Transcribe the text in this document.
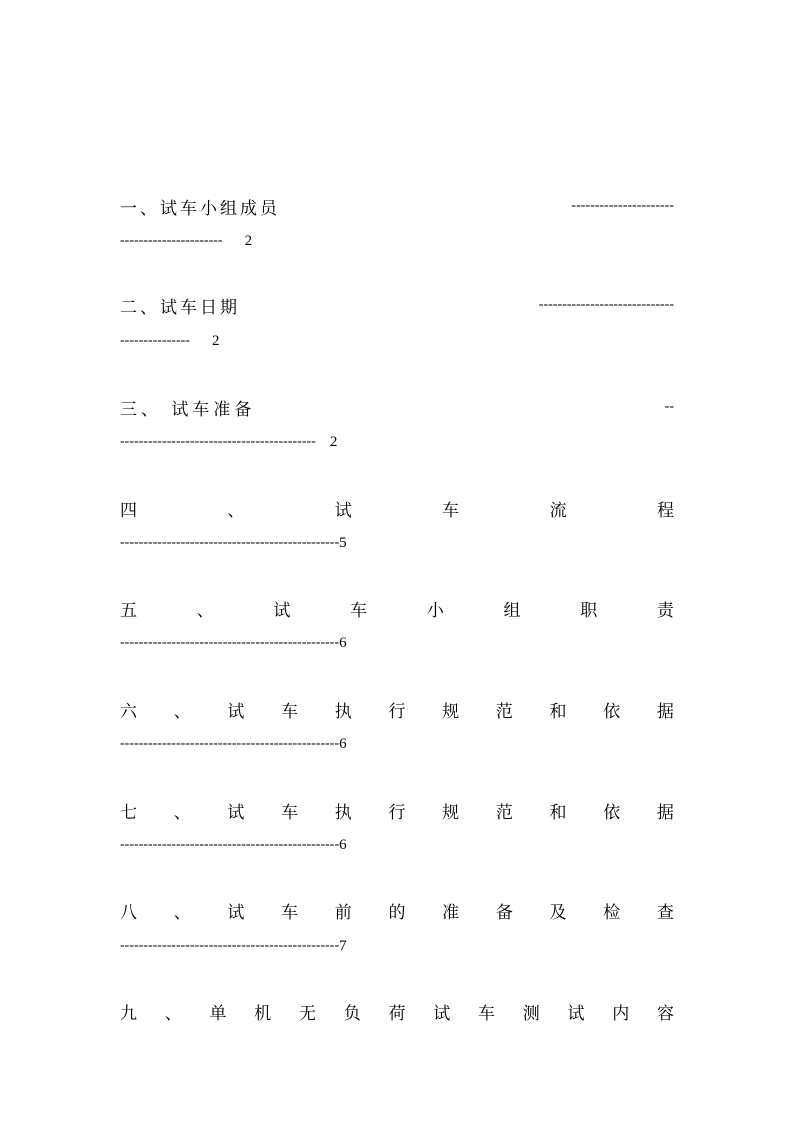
一、试车小组成员	----------------------
---------------------- 2
二、试车日期	-----------------------------
--------------- 2
三、 试车准备	--
------------------------------------------ 2
四	、	试	车	流	程
----------------------------------------------- 5
五	、	试	车	小	组	职	责
----------------------------------------------- 6
六 、 试 车 执 行 规 范 和 依 据
----------------------------------------------- 6
七 、 试 车 执 行 规 范 和 依 据
----------------------------------------------- 6
八 、 试 车 前 的 准 备 及 检 查
----------------------------------------------- 7
九 、 单 机 无 负 荷 试 车 测 试 内 容
